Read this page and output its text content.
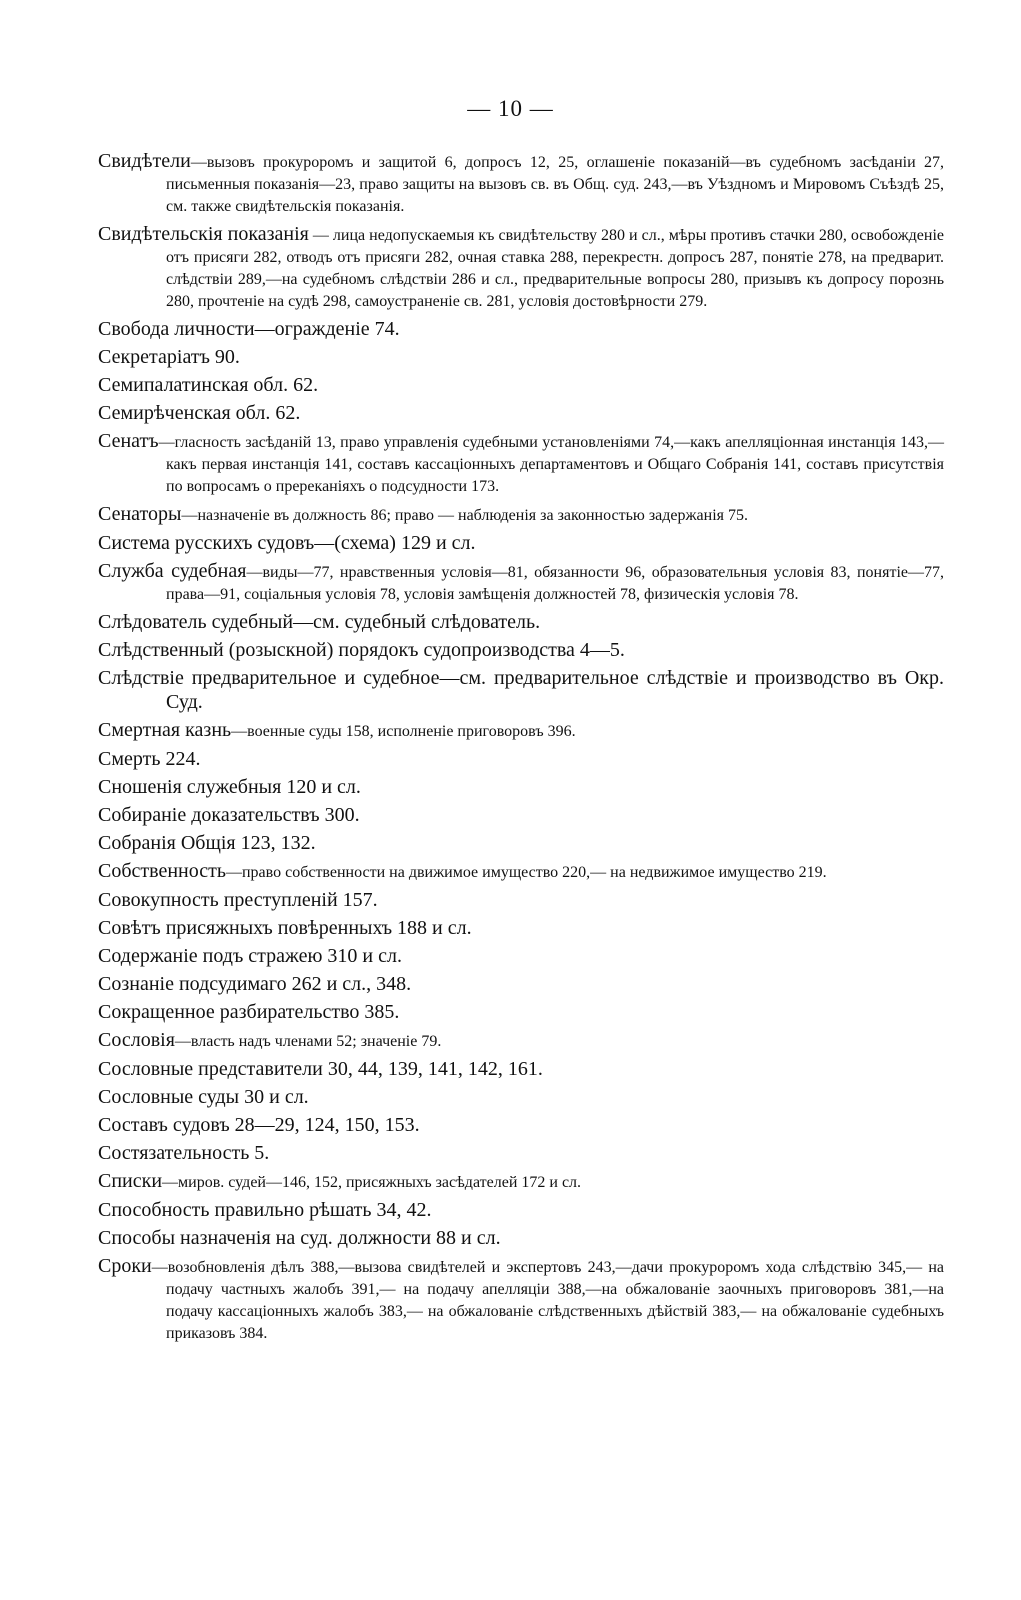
— 10 —
Свидѣтели—вызовъ прокуроромъ и защитой 6, допросъ 12, 25, оглашеніе показаній—въ судебномъ засѣданіи 27, письменныя показанія—23, право защиты на вызовъ св. въ Общ. суд. 243,—въ Уѣздномъ и Мировомъ Съѣздѣ 25, см. также свидѣтельскія показанія.
Свидѣтельскія показанія — лица недопускаемыя къ свидѣтельству 280 и сл., мѣры противъ стачки 280, освобожденіе отъ присяги 282, отводъ отъ присяги 282, очная ставка 288, перекрестн. допросъ 287, понятіе 278, на предварит. слѣдствіи 289,—на судебномъ слѣдствіи 286 и сл., предварительные вопросы 280, призывъ къ допросу порознь 280, прочтеніе на судѣ 298, самоустраненіе св. 281, условія достовѣрности 279.
Свобода личности—огражденіе 74.
Секретаріатъ 90.
Семипалатинская обл. 62.
Семирѣченская обл. 62.
Сенатъ—гласность засѣданій 13, право управленія судебными установленіями 74,—какъ апелляціонная инстанція 143,—какъ первая инстанція 141, составъ кассаціонныхъ департаментовъ и Общаго Собранія 141, составъ присутствія по вопросамъ о пререканіяхъ о подсудности 173.
Сенаторы—назначеніе въ должность 86; право — наблюденія за законностью задержанія 75.
Система русскихъ судовъ—(схема) 129 и сл.
Служба судебная—виды—77, нравственныя условія—81, обязанности 96, образовательныя условія 83, понятіе—77, права—91, соціальныя условія 78, условія замѣщенія должностей 78, физическія условія 78.
Слѣдователь судебный—см. судебный слѣдователь.
Слѣдственный (розыскной) порядокъ судопроизводства 4—5.
Слѣдствіе предварительное и судебное—см. предварительное слѣдствіе и производство въ Окр. Суд.
Смертная казнь—военные суды 158, исполненіе приговоровъ 396.
Смерть 224.
Сношенія служебныя 120 и сл.
Собираніе доказательствъ 300.
Собранія Общія 123, 132.
Собственность—право собственности на движимое имущество 220,— на недвижимое имущество 219.
Совокупность преступленій 157.
Совѣтъ присяжныхъ повѣренныхъ 188 и сл.
Содержаніе подъ стражею 310 и сл.
Сознаніе подсудимаго 262 и сл., 348.
Сокращенное разбирательство 385.
Сословія—власть надъ членами 52; значеніе 79.
Сословные представители 30, 44, 139, 141, 142, 161.
Сословные суды 30 и сл.
Составъ судовъ 28—29, 124, 150, 153.
Состязательность 5.
Списки—миров. судей—146, 152, присяжныхъ засѣдателей 172 и сл.
Способность правильно рѣшать 34, 42.
Способы назначенія на суд. должности 88 и сл.
Сроки—возобновленія дѣлъ 388,—вызова свидѣтелей и экспертовъ 243,—дачи прокуроромъ хода слѣдствію 345,— на подачу частныхъ жалобъ 391,— на подачу апелляціи 388,—на обжалованіе заочныхъ приговоровъ 381,—на подачу кассаціонныхъ жалобъ 383,— на обжалованіе слѣдственныхъ дѣйствій 383,— на обжалованіе судебныхъ приказовъ 384.
